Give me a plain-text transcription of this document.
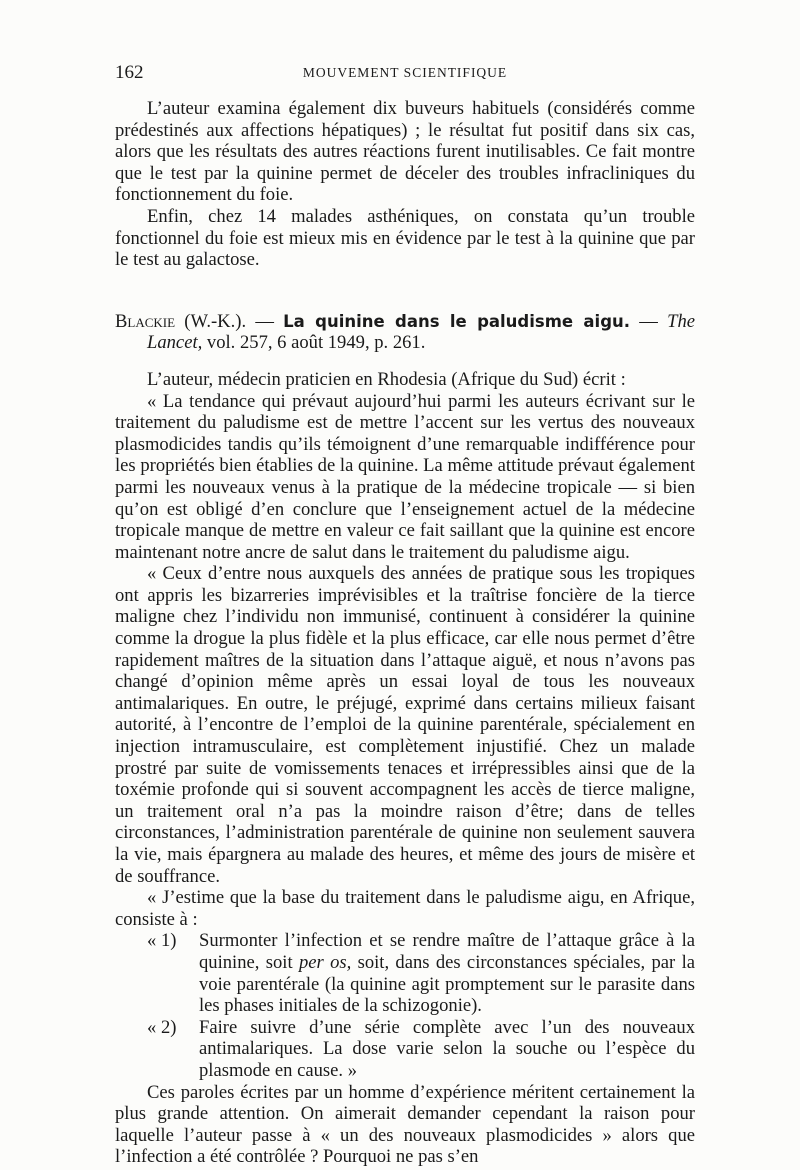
162	MOUVEMENT SCIENTIFIQUE

L’auteur examina également dix buveurs habituels (considérés comme prédestinés aux affections hépatiques) ; le résultat fut positif dans six cas, alors que les résultats des autres réactions furent inutilisables. Ce fait montre que le test par la quinine permet de déceler des troubles infracliniques du fonctionnement du foie.

Enfin, chez 14 malades asthéniques, on constata qu’un trouble fonctionnel du foie est mieux mis en évidence par le test à la quinine que par le test au galactose.

Blackie (W.-K.). — La quinine dans le paludisme aigu. — The Lancet, vol. 257, 6 août 1949, p. 261.

L’auteur, médecin praticien en Rhodesia (Afrique du Sud) écrit :

« La tendance qui prévaut aujourd’hui parmi les auteurs écrivant sur le traitement du paludisme est de mettre l’accent sur les vertus des nouveaux plasmodicides tandis qu’ils témoignent d’une remarquable indifférence pour les propriétés bien établies de la quinine. La même attitude prévaut également parmi les nouveaux venus à la pratique de la médecine tropicale — si bien qu’on est obligé d’en conclure que l’enseignement actuel de la médecine tropicale manque de mettre en valeur ce fait saillant que la quinine est encore maintenant notre ancre de salut dans le traitement du paludisme aigu.

« Ceux d’entre nous auxquels des années de pratique sous les tropiques ont appris les bizarreries imprévisibles et la traîtrise foncière de la tierce maligne chez l’individu non immunisé, continuent à considérer la quinine comme la drogue la plus fidèle et la plus efficace, car elle nous permet d’être rapidement maîtres de la situation dans l’attaque aiguë, et nous n’avons pas changé d’opinion même après un essai loyal de tous les nouveaux antimalariques. En outre, le préjugé, exprimé dans certains milieux faisant autorité, à l’encontre de l’emploi de la quinine parentérale, spécialement en injection intramusculaire, est complètement injustifié. Chez un malade prostré par suite de vomissements tenaces et irrépressibles ainsi que de la toxémie profonde qui si souvent accompagnent les accès de tierce maligne, un traitement oral n’a pas la moindre raison d’être; dans de telles circonstances, l’administration parentérale de quinine non seulement sauvera la vie, mais épargnera au malade des heures, et même des jours de misère et de souffrance.

« J’estime que la base du traitement dans le paludisme aigu, en Afrique, consiste à :

« 1) Surmonter l’infection et se rendre maître de l’attaque grâce à la quinine, soit per os, soit, dans des circonstances spéciales, par la voie parentérale (la quinine agit promptement sur le parasite dans les phases initiales de la schizogonie).

« 2) Faire suivre d’une série complète avec l’un des nouveaux antimalariques. La dose varie selon la souche ou l’espèce du plasmode en cause. »

Ces paroles écrites par un homme d’expérience méritent certainement la plus grande attention. On aimerait demander cependant la raison pour laquelle l’auteur passe à « un des nouveaux plasmodicides » alors que l’infection a été contrôlée ? Pourquoi ne pas s’en
